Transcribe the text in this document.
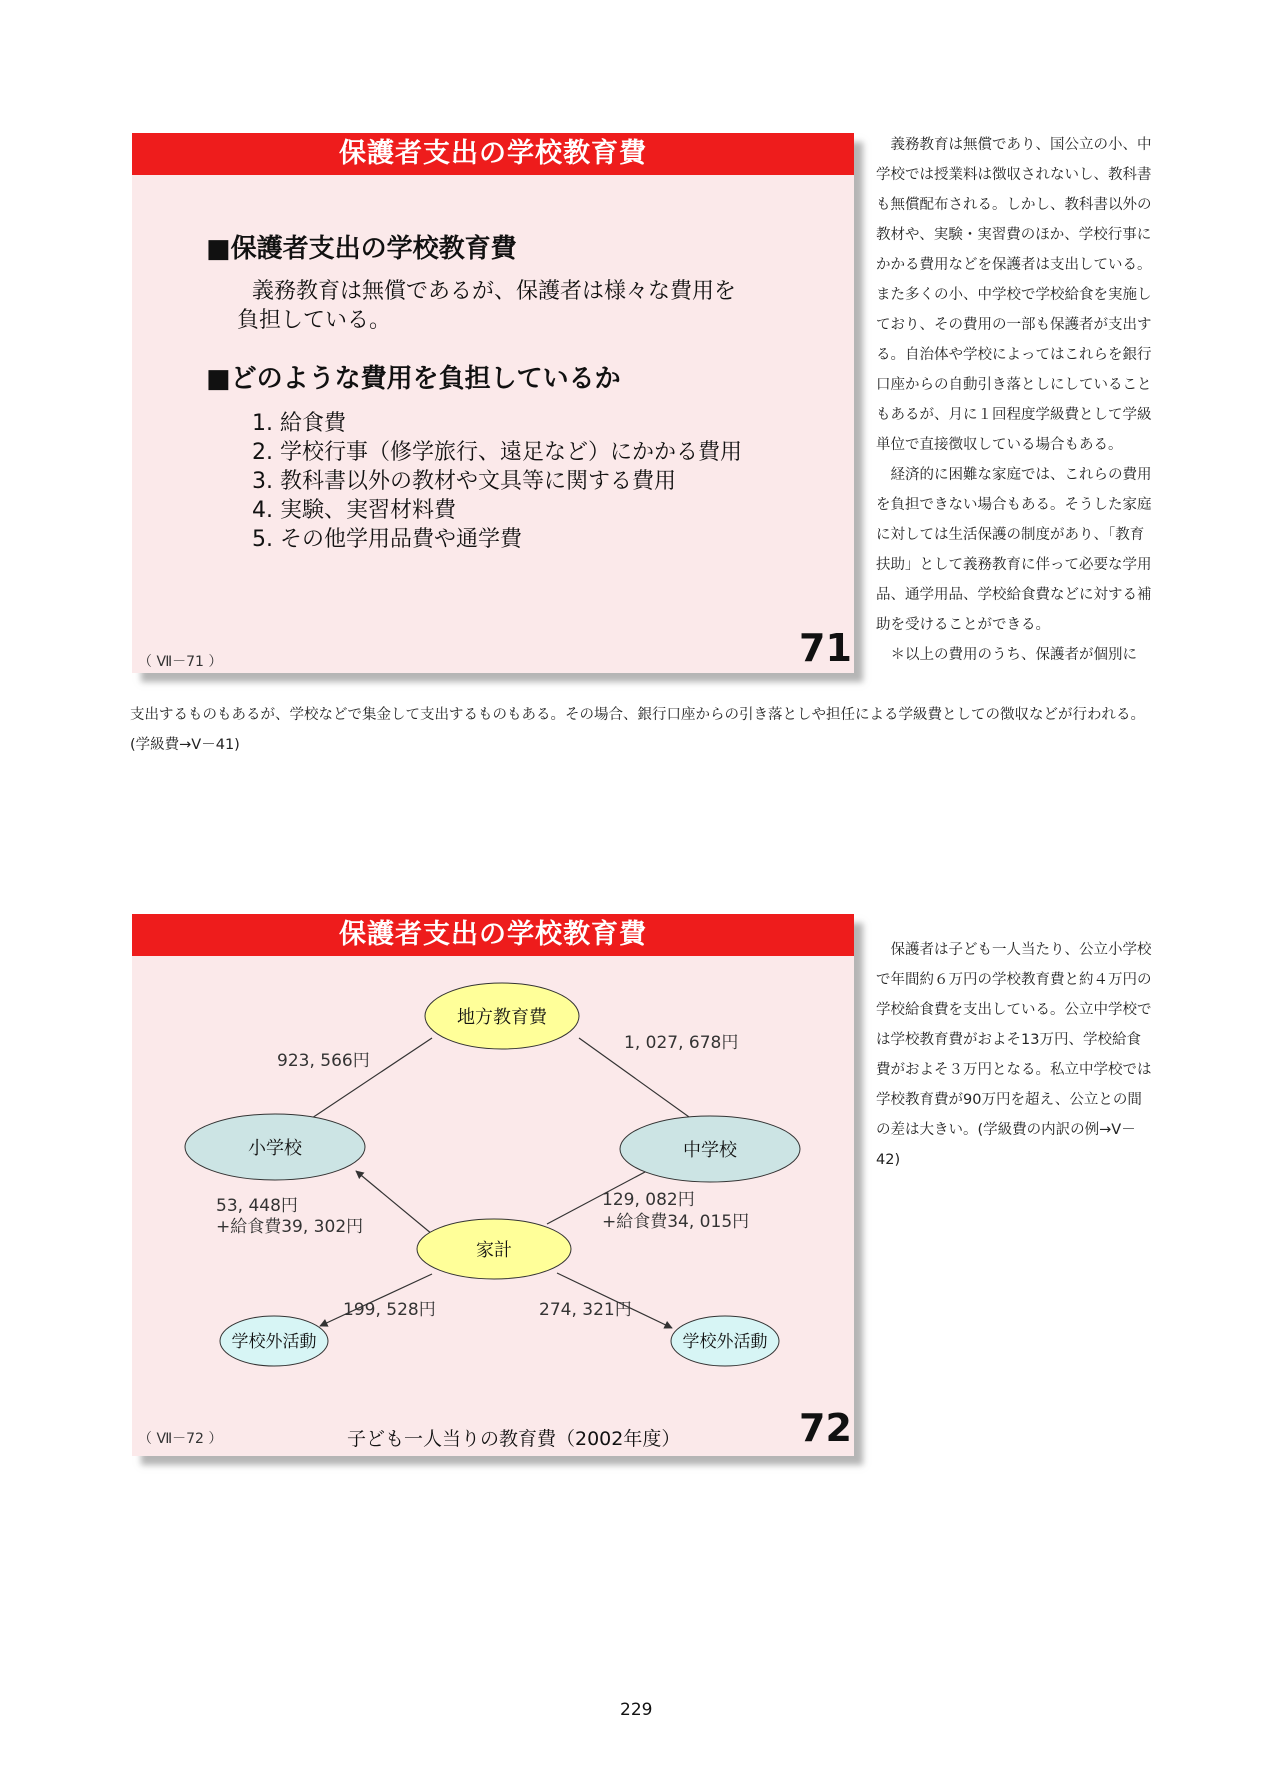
保護者支出の学校教育費
■保護者支出の学校教育費
義務教育は無償であるが、保護者は様々な費用を
負担している。
■どのような費用を負担しているか
1. 給食費
2. 学校行事（修学旅行、遠足など）にかかる費用
3. 教科書以外の教材や文具等に関する費用
4. 実験、実習材料費
5. その他学用品費や通学費
（ Ⅶ－71 ）	71

義務教育は無償であり、国公立の小、中学校では授業料は徴収されないし、教科書も無償配布される。しかし、教科書以外の教材や、実験・実習費のほか、学校行事にかかる費用などを保護者は支出している。また多くの小、中学校で学校給食を実施しており、その費用の一部も保護者が支出する。自治体や学校によってはこれらを銀行口座からの自動引き落としにしていることもあるが、月に１回程度学級費として学級単位で直接徴収している場合もある。

経済的に困難な家庭では、これらの費用を負担できない場合もある。そうした家庭に対しては生活保護の制度があり、「教育扶助」として義務教育に伴って必要な学用品、通学用品、学校給食費などに対する補助を受けることができる。

＊以上の費用のうち、保護者が個別に

支出するものもあるが、学校などで集金して支出するものもある。その場合、銀行口座からの引き落としや担任による学級費としての徴収などが行われる。

(学級費→Ⅴ－41)

保護者支出の学校教育費
地方教育費
小学校	中学校
家計
学校外活動	学校外活動
923, 566円
1, 027, 678円
53, 448円
+給食費39, 302円
129, 082円
+給食費34, 015円
199, 528円	274, 321円
子ども一人当りの教育費（2002年度）
（ Ⅶ－72 ）	72

保護者は子ども一人当たり、公立小学校で年間約６万円の学校教育費と約４万円の学校給食費を支出している。公立中学校では学校教育費がおよそ13万円、学校給食費がおよそ３万円となる。私立中学校では学校教育費が90万円を超え、公立との間の差は大きい。(学級費の内訳の例→Ⅴ－42)

229
